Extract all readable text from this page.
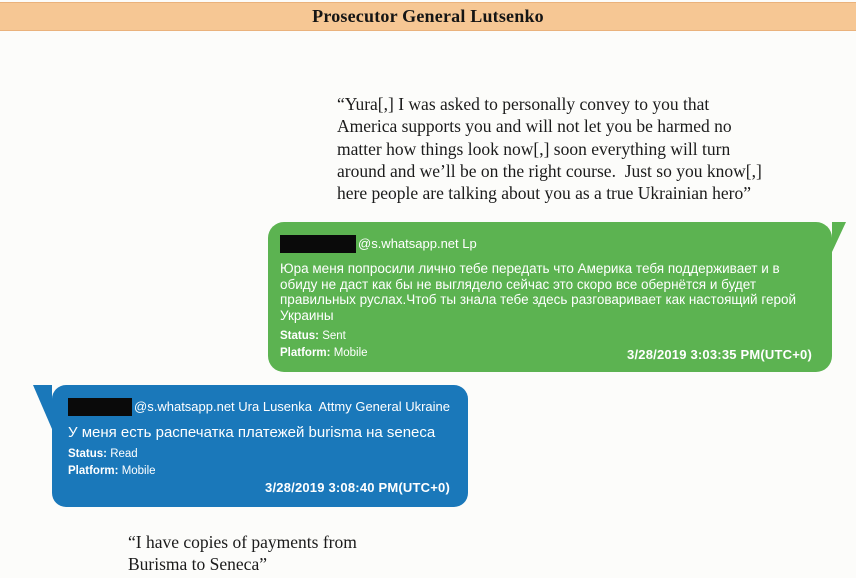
Prosecutor General Lutsenko
“Yura[,] I was asked to personally convey to you that
America supports you and will not let you be harmed no
matter how things look now[,] soon everything will turn
around and we’ll be on the right course.  Just so you know[,]
here people are talking about you as a true Ukrainian hero”
@s.whatsapp.net Lp
Юра меня попросили лично тебе передать что Америка тебя поддерживает и в обиду не даст как бы не выглядело сейчас это скоро все обернётся и будет правильных руслах.Чтоб ты знала тебе здесь разговаривает как настоящий герой Украины
Status: Sent
Platform: Mobile	3/28/2019 3:03:35 PM(UTC+0)
@s.whatsapp.net Ura Lusenka  Attmy General Ukraine
У меня есть распечатка платежей burisma на seneca
Status: Read
Platform: Mobile
3/28/2019 3:08:40 PM(UTC+0)
“I have copies of payments from
Burisma to Seneca”
